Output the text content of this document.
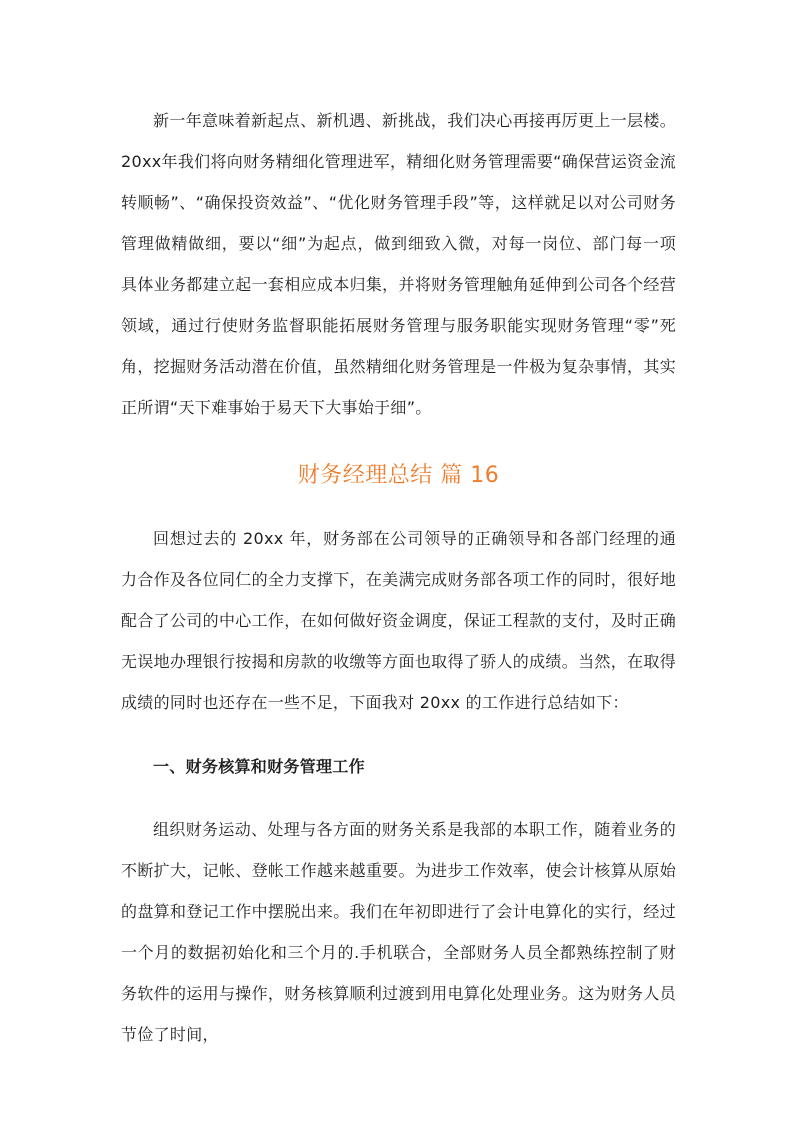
新一年意味着新起点、新机遇、新挑战，我们决心再接再厉更上一层楼。20xx年我们将向财务精细化管理进军，精细化财务管理需要“确保营运资金流转顺畅”、“确保投资效益”、“优化财务管理手段”等，这样就足以对公司财务管理做精做细，要以“细”为起点，做到细致入微，对每一岗位、部门每一项具体业务都建立起一套相应成本归集，并将财务管理触角延伸到公司各个经营领域，通过行使财务监督职能拓展财务管理与服务职能实现财务管理“零”死角，挖掘财务活动潜在价值，虽然精细化财务管理是一件极为复杂事情，其实正所谓“天下难事始于易天下大事始于细”。

财务经理总结 篇 16

回想过去的 20xx 年，财务部在公司领导的正确领导和各部门经理的通力合作及各位同仁的全力支撑下，在美满完成财务部各项工作的同时，很好地配合了公司的中心工作，在如何做好资金调度，保证工程款的支付，及时正确无误地办理银行按揭和房款的收缴等方面也取得了骄人的成绩。当然，在取得成绩的同时也还存在一些不足，下面我对 20xx 的工作进行总结如下：

一、财务核算和财务管理工作

组织财务运动、处理与各方面的财务关系是我部的本职工作，随着业务的不断扩大，记帐、登帐工作越来越重要。为进步工作效率，使会计核算从原始的盘算和登记工作中摆脱出来。我们在年初即进行了会计电算化的实行，经过一个月的数据初始化和三个月的.手机联合，全部财务人员全都熟练控制了财务软件的运用与操作，财务核算顺利过渡到用电算化处理业务。这为财务人员节俭了时间，
